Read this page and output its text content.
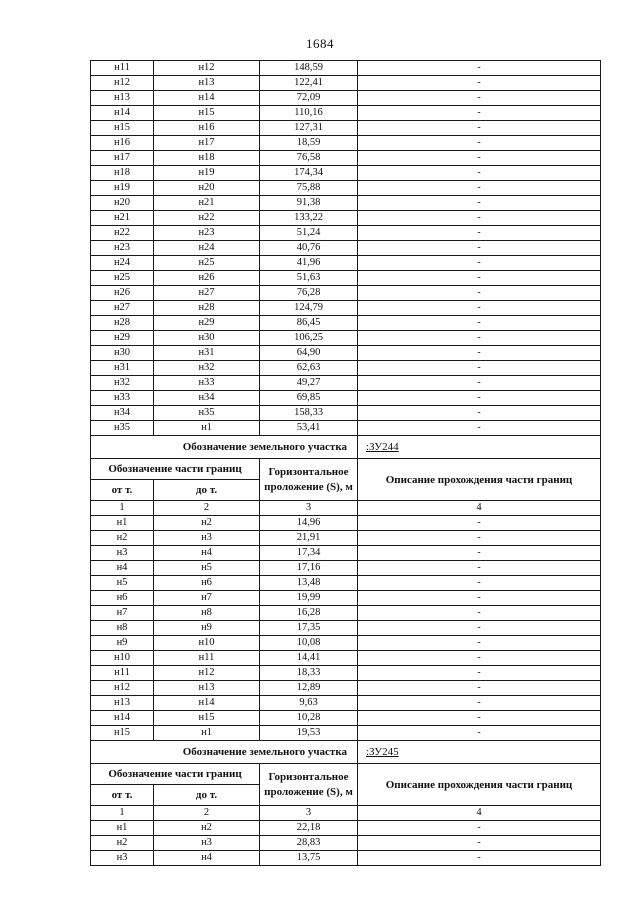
1684
н11	н12	148,59	-
н12	н13	122,41	-
н13	н14	72,09	-
н14	н15	110,16	-
н15	н16	127,31	-
н16	н17	18,59	-
н17	н18	76,58	-
н18	н19	174,34	-
н19	н20	75,88	-
н20	н21	91,38	-
н21	н22	133,22	-
н22	н23	51,24	-
н23	н24	40,76	-
н24	н25	41,96	-
н25	н26	51,63	-
н26	н27	76,28	-
н27	н28	124,79	-
н28	н29	86,45	-
н29	н30	106,25	-
н30	н31	64,90	-
н31	н32	62,63	-
н32	н33	49,27	-
н33	н34	69,85	-
н34	н35	158,33	-
н35	н1	53,41	-
Обозначение земельного участка			:ЗУ244
Обозначение части границ		Горизонтальное проложение (S), м	Описание прохождения части границ
от т.	до т.		
1	2	3	4
н1	н2	14,96	-
н2	н3	21,91	-
н3	н4	17,34	-
н4	н5	17,16	-
н5	н6	13,48	-
н6	н7	19,99	-
н7	н8	16,28	-
н8	н9	17,35	-
н9	н10	10,08	-
н10	н11	14,41	-
н11	н12	18,33	-
н12	н13	12,89	-
н13	н14	9,63	-
н14	н15	10,28	-
н15	н1	19,53	-
Обозначение земельного участка			:ЗУ245
Обозначение части границ		Горизонтальное проложение (S), м	Описание прохождения части границ
от т.	до т.		
1	2	3	4
н1	н2	22,18	-
н2	н3	28,83	-
н3	н4	13,75	-
